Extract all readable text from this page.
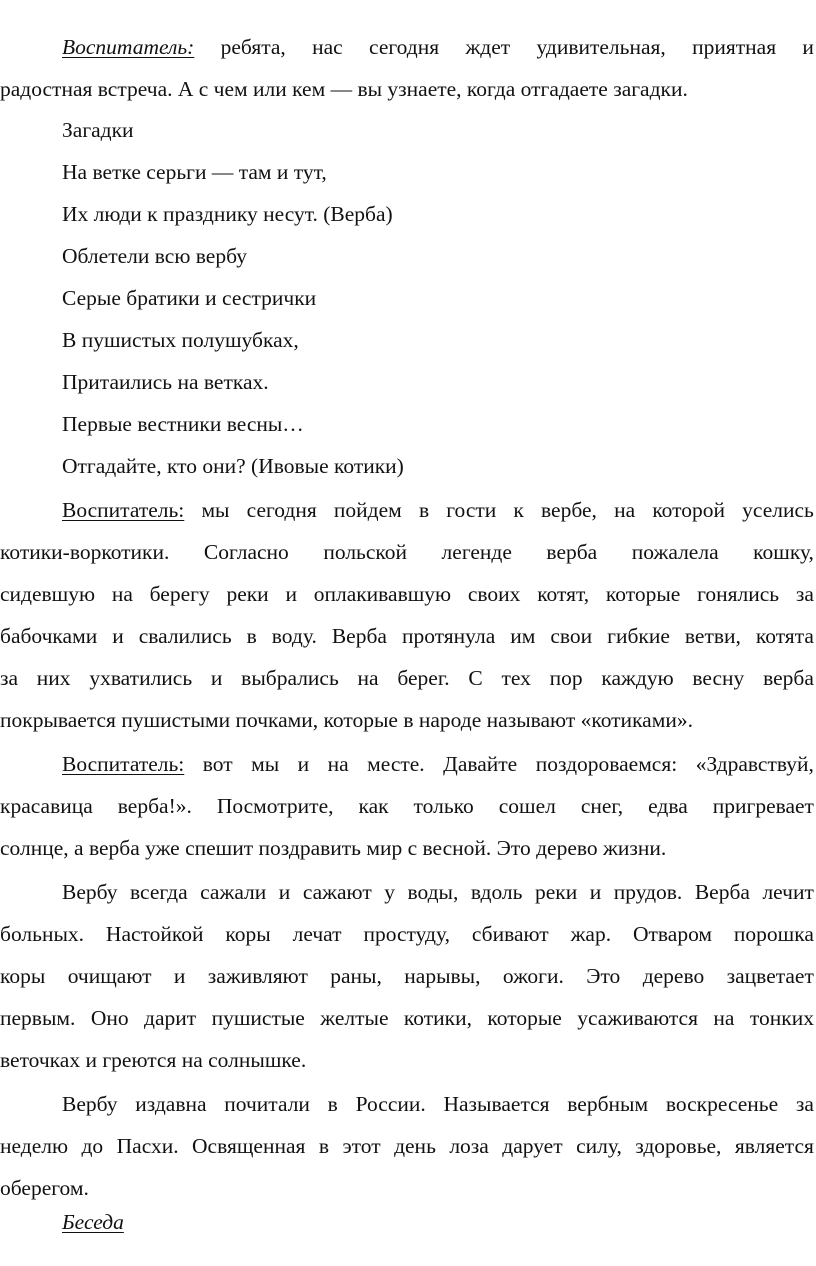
Воспитатель: ребята, нас сегодня ждет удивительная, приятная и
радостная встреча. А с чем или кем — вы узнаете, когда отгадаете загадки.
Загадки
На ветке серьги — там и тут,
Их люди к празднику несут. (Верба)
Облетели всю вербу
Серые братики и сестрички
В пушистых полушубках,
Притаились на ветках.
Первые вестники весны…
Отгадайте, кто они? (Ивовые котики)
Воспитатель: мы сегодня пойдем в гости к вербе, на которой уселись
котики-воркотики. Согласно польской легенде верба пожалела кошку,
сидевшую на берегу реки и оплакивавшую своих котят, которые гонялись за
бабочками и свалились в воду. Верба протянула им свои гибкие ветви, котята
за них ухватились и выбрались на берег. С тех пор каждую весну верба
покрывается пушистыми почками, которые в народе называют «котиками».
Воспитатель: вот мы и на месте. Давайте поздороваемся: «Здравствуй,
красавица верба!». Посмотрите, как только сошел снег, едва пригревает
солнце, а верба уже спешит поздравить мир с весной. Это дерево жизни.
Вербу всегда сажали и сажают у воды, вдоль реки и прудов. Верба лечит
больных. Настойкой коры лечат простуду, сбивают жар. Отваром порошка
коры очищают и заживляют раны, нарывы, ожоги. Это дерево зацветает
первым. Оно дарит пушистые желтые котики, которые усаживаются на тонких
веточках и греются на солнышке.
Вербу издавна почитали в России. Называется вербным воскресенье за
неделю до Пасхи. Освященная в этот день лоза дарует силу, здоровье, является
оберегом.
Беседа
